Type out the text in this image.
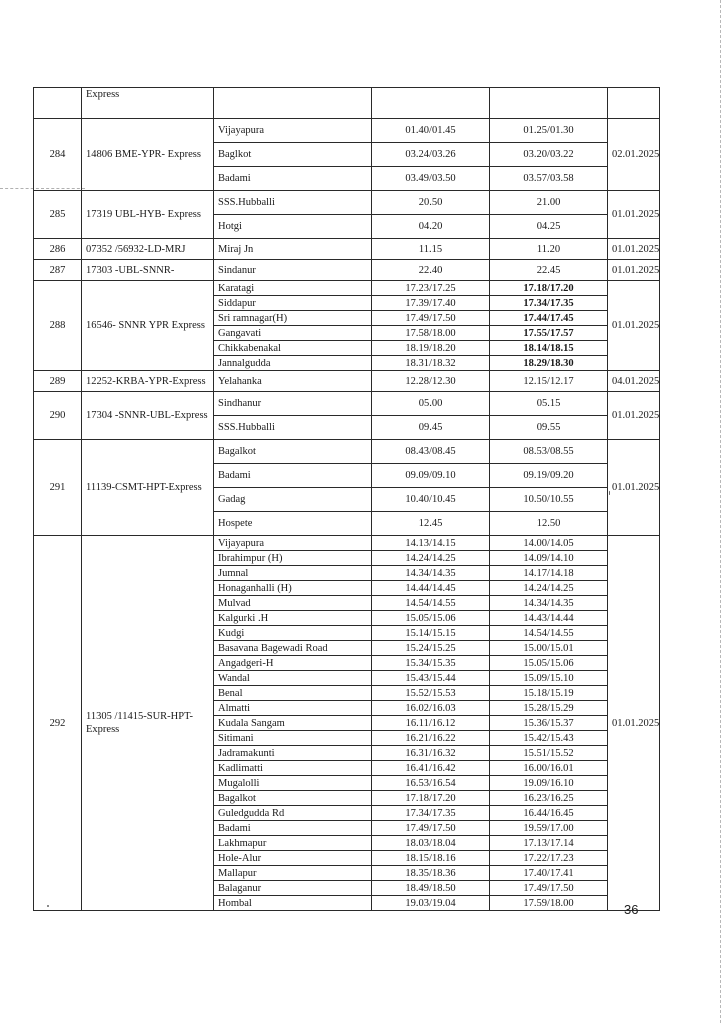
	Express				
284	14806 BME-YPR- Express	Vijayapura	01.40/01.45	01.25/01.30	02.01.2025
		Baglkot	03.24/03.26	03.20/03.22	
		Badami	03.49/03.50	03.57/03.58	
285	17319 UBL-HYB- Express	SSS.Hubballi	20.50	21.00	01.01.2025
		Hotgi	04.20	04.25	
286	07352 /56932-LD-MRJ	Miraj Jn	11.15	11.20	01.01.2025
287	17303 -UBL-SNNR-	Sindanur	22.40	22.45	01.01.2025
288	16546- SNNR YPR Express	Karatagi	17.23/17.25	17.18/17.20	01.01.2025
		Siddapur	17.39/17.40	17.34/17.35	
		Sri ramnagar(H)	17.49/17.50	17.44/17.45	
		Gangavati	17.58/18.00	17.55/17.57	
		Chikkabenakal	18.19/18.20	18.14/18.15	
		Jannalgudda	18.31/18.32	18.29/18.30	
289	12252-KRBA-YPR-Express	Yelahanka	12.28/12.30	12.15/12.17	04.01.2025
290	17304 -SNNR-UBL-Express	Sindhanur	05.00	05.15	01.01.2025
		SSS.Hubballi	09.45	09.55	
291	11139-CSMT-HPT-Express	Bagalkot	08.43/08.45	08.53/08.55	01.01.2025
		Badami	09.09/09.10	09.19/09.20	
		Gadag	10.40/10.45	10.50/10.55	
		Hospete	12.45	12.50	
292	11305 /11415-SUR-HPT-Express	Vijayapura	14.13/14.15	14.00/14.05	01.01.2025
		Ibrahimpur (H)	14.24/14.25	14.09/14.10	
		Jumnal	14.34/14.35	14.17/14.18	
		Honaganhalli (H)	14.44/14.45	14.24/14.25	
		Mulvad	14.54/14.55	14.34/14.35	
		Kalgurki .H	15.05/15.06	14.43/14.44	
		Kudgi	15.14/15.15	14.54/14.55	
		Basavana Bagewadi Road	15.24/15.25	15.00/15.01	
		Angadgeri-H	15.34/15.35	15.05/15.06	
		Wandal	15.43/15.44	15.09/15.10	
		Benal	15.52/15.53	15.18/15.19	
		Almatti	16.02/16.03	15.28/15.29	
		Kudala Sangam	16.11/16.12	15.36/15.37	
		Sitimani	16.21/16.22	15.42/15.43	
		Jadramakunti	16.31/16.32	15.51/15.52	
		Kadlimatti	16.41/16.42	16.00/16.01	
		Mugalolli	16.53/16.54	19.09/16.10	
		Bagalkot	17.18/17.20	16.23/16.25	
		Guledgudda Rd	17.34/17.35	16.44/16.45	
		Badami	17.49/17.50	19.59/17.00	
		Lakhmapur	18.03/18.04	17.13/17.14	
		Hole-Alur	18.15/18.16	17.22/17.23	
		Mallapur	18.35/18.36	17.40/17.41	
		Balaganur	18.49/18.50	17.49/17.50	
		Hombal	19.03/19.04	17.59/18.00		36
